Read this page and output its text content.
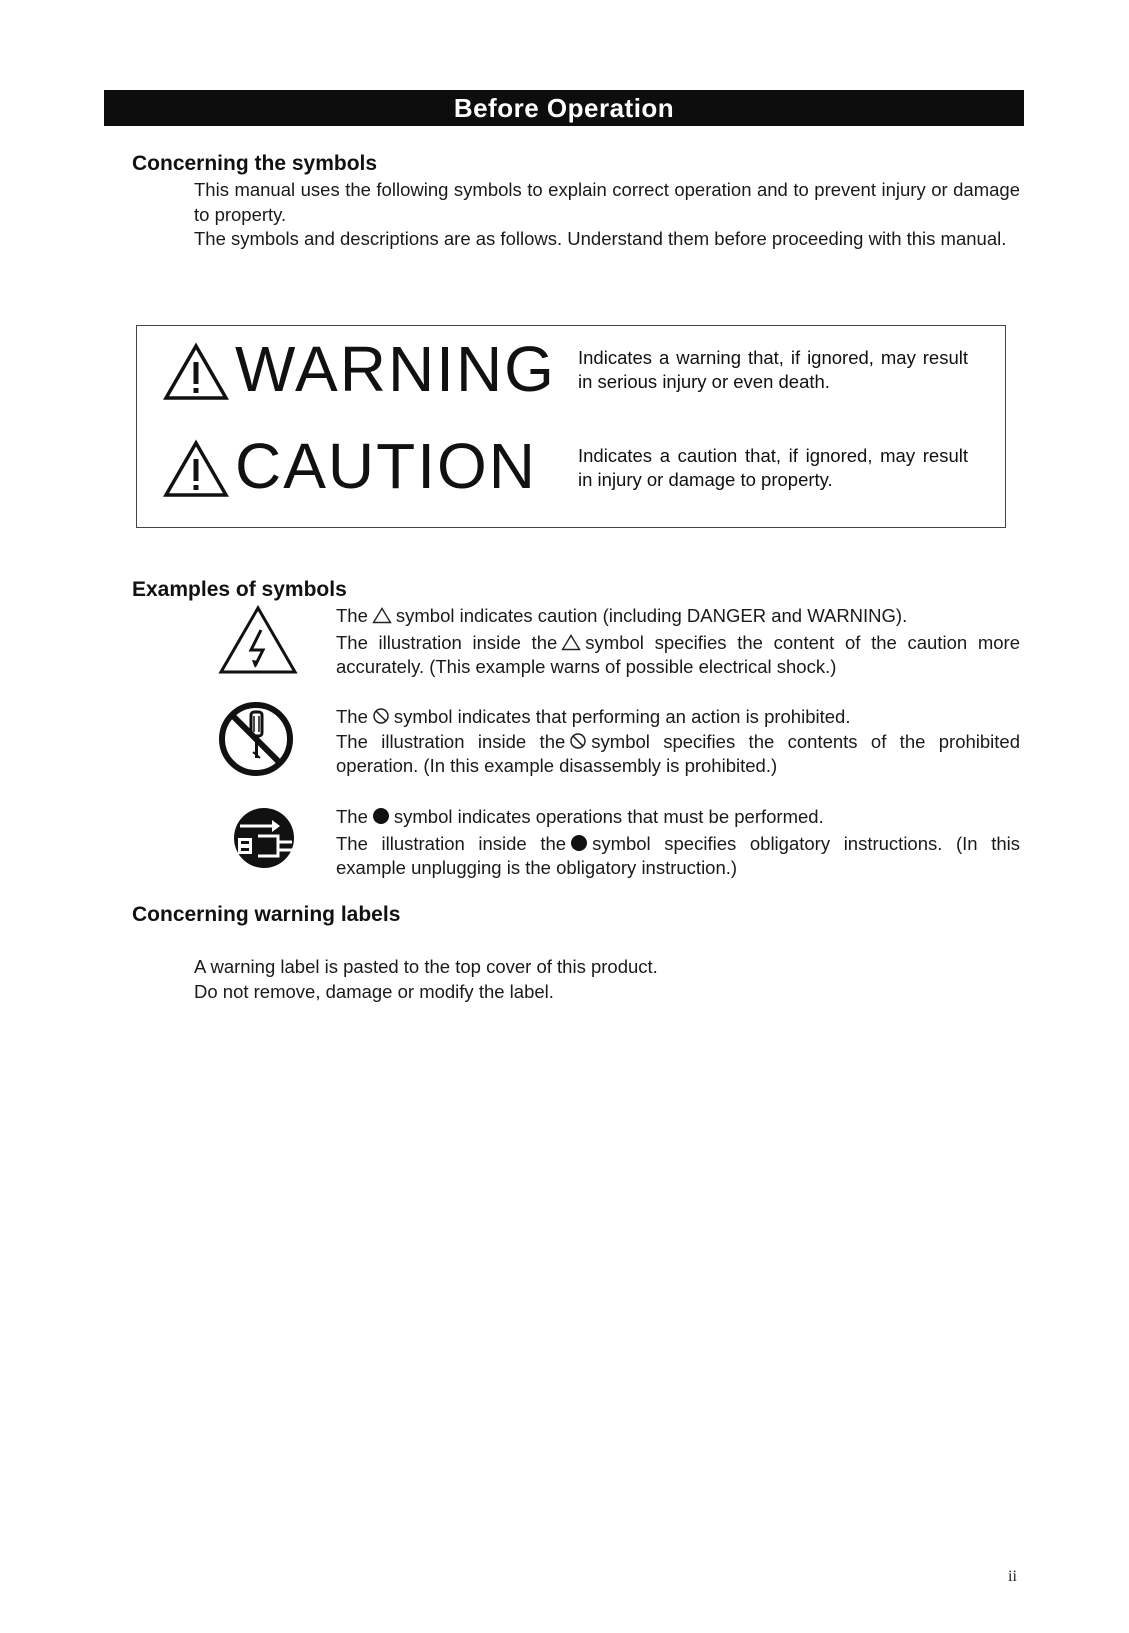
Before Operation
Concerning the symbols

This manual uses the following symbols to explain correct operation and to prevent injury or damage to property.

The symbols and descriptions are as follows. Understand them before proceeding with this manual.

WARNING Indicates a warning that, if ignored, may result in serious injury or even death.
CAUTION Indicates a caution that, if ignored, may result in injury or damage to property.
Examples of symbols

The symbol indicates caution (including DANGER and WARNING).

The illustration inside the symbol specifies the content of the caution more accurately. (This example warns of possible electrical shock.)

The symbol indicates that performing an action is prohibited.

The illustration inside the symbol specifies the contents of the prohibited operation. (In this example disassembly is prohibited.)

The symbol indicates operations that must be performed.

The illustration inside the symbol specifies obligatory instructions. (In this example unplugging is the obligatory instruction.)

Concerning warning labels

A warning label is pasted to the top cover of this product.

Do not remove, damage or modify the label.

ii
